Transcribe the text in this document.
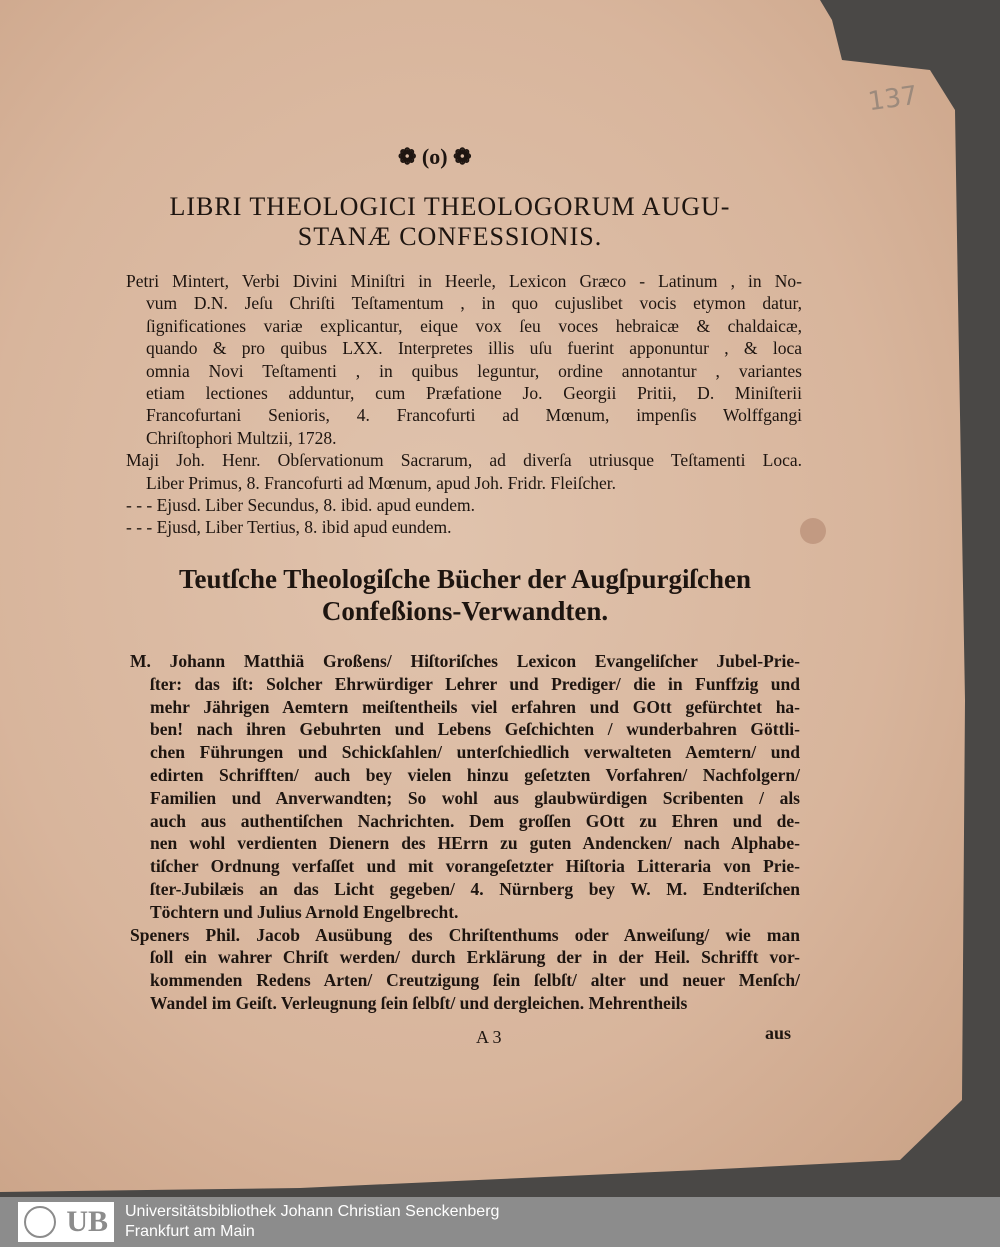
137
❁ (o) ❁
LIBRI THEOLOGICI THEOLOGORUM AUGU-
STANÆ CONFESSIONIS.
Petri Mintert, Verbi Divini Miniſtri in Heerle, Lexicon Græco - Latinum , in No-
vum D.N. Jeſu Chriſti Teſtamentum , in quo cujuslibet vocis etymon datur,
ſignificationes variæ explicantur, eique vox ſeu voces hebraicæ & chaldaicæ,
quando & pro quibus LXX. Interpretes illis uſu fuerint apponuntur , & loca
omnia Novi Teſtamenti , in quibus leguntur, ordine annotantur , variantes
etiam lectiones adduntur, cum Præfatione Jo. Georgii Pritii, D. Miniſterii
Francofurtani Senioris, 4. Francofurti ad Mœnum, impenſis Wolffgangi
Chriſtophori Multzii, 1728.
Maji Joh. Henr. Obſervationum Sacrarum, ad diverſa utriusque Teſtamenti Loca.
Liber Primus, 8. Francofurti ad Mœnum, apud Joh. Fridr. Fleiſcher.
- - - Ejusd. Liber Secundus, 8. ibid. apud eundem.
- - - Ejusd, Liber Tertius, 8. ibid apud eundem.
Teutſche Theologiſche Bücher der Augſpurgiſchen
Confeßions-Verwandten.
M. Johann Matthiä Großens/ Hiſtoriſches Lexicon Evangeliſcher Jubel-Prie-
ſter: das iſt: Solcher Ehrwürdiger Lehrer und Prediger/ die in Funffzig und
mehr Jährigen Aemtern meiſtentheils viel erfahren und GOtt gefürchtet ha-
ben! nach ihren Gebuhrten und Lebens Geſchichten / wunderbahren Göttli-
chen Führungen und Schickſahlen/ unterſchiedlich verwalteten Aemtern/ und
edirten Schrifften/ auch bey vielen hinzu geſetzten Vorfahren/ Nachfolgern/
Familien und Anverwandten; So wohl aus glaubwürdigen Scribenten / als
auch aus authentiſchen Nachrichten. Dem groſſen GOtt zu Ehren und de-
nen wohl verdienten Dienern des HErrn zu guten Andencken/ nach Alphabe-
tiſcher Ordnung verfaſſet und mit vorangeſetzter Hiſtoria Litteraria von Prie-
ſter-Jubilæis an das Licht gegeben/ 4. Nürnberg bey W. M. Endteriſchen
Töchtern und Julius Arnold Engelbrecht.
Speners Phil. Jacob Ausübung des Chriſtenthums oder Anweiſung/ wie man
ſoll ein wahrer Chriſt werden/ durch Erklärung der in der Heil. Schrifft vor-
kommenden Redens Arten/ Creutzigung ſein ſelbſt/ alter und neuer Menſch/
Wandel im Geiſt. Verleugnung ſein ſelbſt/ und dergleichen. Mehrentheils
A 3	aus
UB Universitätsbibliothek Johann Christian Senckenberg
Frankfurt am Main
